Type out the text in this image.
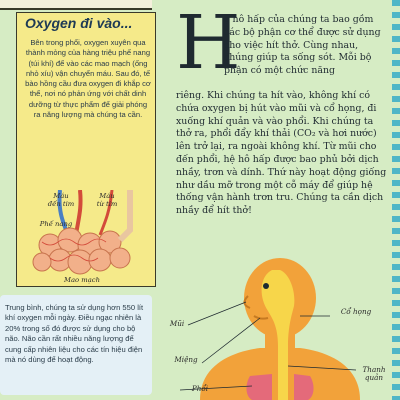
Oxygen đi vào...
Bên trong phổi, oxygen xuyên qua thành mỏng của hàng triệu phế nang (túi khí) để vào các mao mạch (ống nhỏ xíu) vận chuyển máu. Sau đó, tế bào hồng cầu đưa oxygen đi khắp cơ thể, nơi nó phản ứng với chất dinh dưỡng từ thực phẩm để giải phóng ra năng lượng mà chúng ta cần.
Máu
đến tim
Máu
từ tim
Phế nang
Mao mạch
Trung bình, chúng ta sử dụng hơn 550 lít khí oxygen mỗi ngày. Điều ngạc nhiên là 20% trong số đó được sử dụng cho bộ não. Não cần rất nhiều năng lượng để cung cấp nhiên liệu cho các tín hiệu điện mà nó dùng để hoạt động.
H
ệ hô hấp của chúng ta bao gồm các bộ phận cơ thể được sử dụng cho việc hít thở. Cùng nhau, chúng giúp ta sống sót. Mỗi bộ phận có một chức năng
riêng. Khi chúng ta hít vào, không khí có chứa oxygen bị hút vào mũi và cổ họng, đi xuống khí quản và vào phổi. Khi chúng ta thở ra, phổi đẩy khí thải (CO₂ và hơi nước) lên trở lại, ra ngoài không khí. Từ mũi cho đến phổi, hệ hô hấp được bao phủ bởi dịch nhầy, trơn và dính. Thứ này hoạt động giống như dầu mỡ trong một cỗ máy để giúp hệ thống vận hành trơn tru. Chúng ta cần dịch nhầy để hít thở!
Mũi
Cổ họng
Miệng
Thanh quản
Phổi
